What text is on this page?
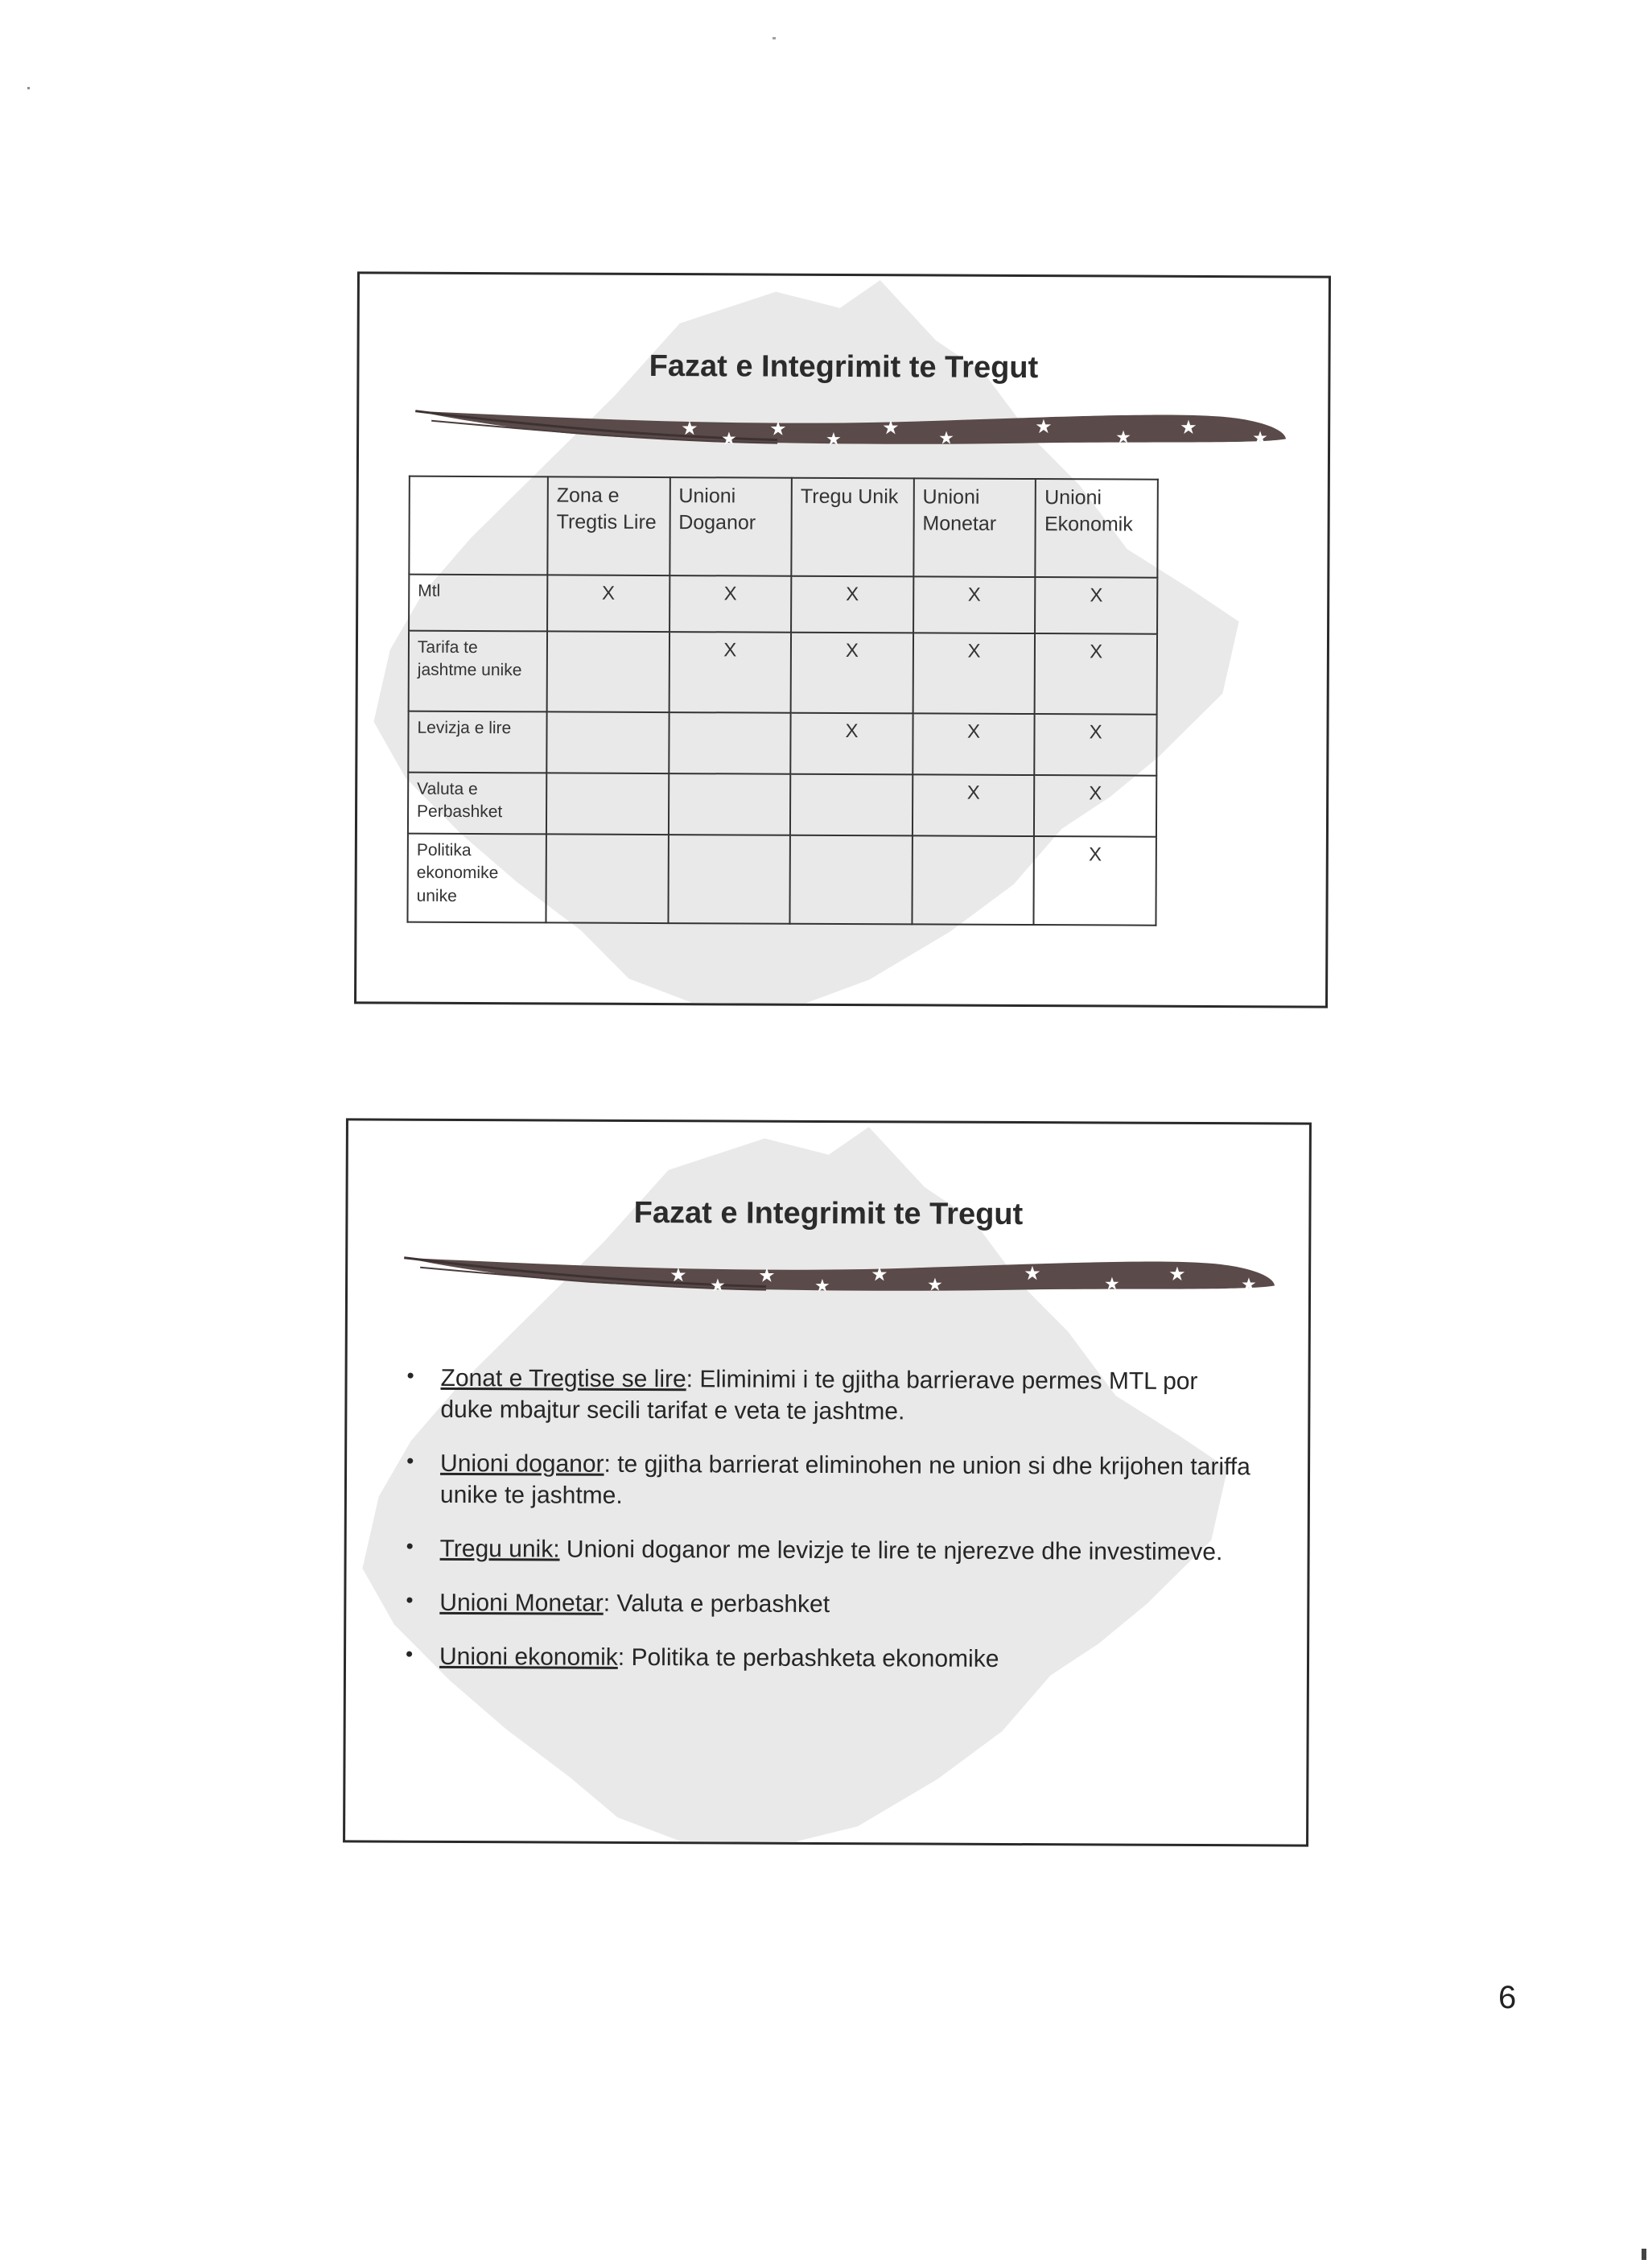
Fazat e Integrimit te Tregut
★ ★ ★ ★
★ ★	★	★	★	★
	Zona e Tregtis Lire	Unioni Doganor	Tregu Unik	Unioni Monetar	Unioni Ekonomik
Mtl	X	X	X	X	X
Tarifa te jashtme unike		X	X	X	X
Levizja e lire			X	X	X
Valuta e Perbashket				X	X
Politika ekonomike unike					X
Fazat e Integrimit te Tregut
★ ★ ★ ★
★ ★	★	★	★	★
• Zonat e Tregtise se lire: Eliminimi i te gjitha barrierave permes MTL por duke mbajtur secili tarifat e veta te jashtme.
• Unioni doganor: te gjitha barrierat eliminohen ne union si dhe krijohen tariffa unike te jashtme.
• Tregu unik: Unioni doganor me levizje te lire te njerezve dhe investimeve.
• Unioni Monetar: Valuta e perbashket
• Unioni ekonomik: Politika te perbashketa ekonomike
6
